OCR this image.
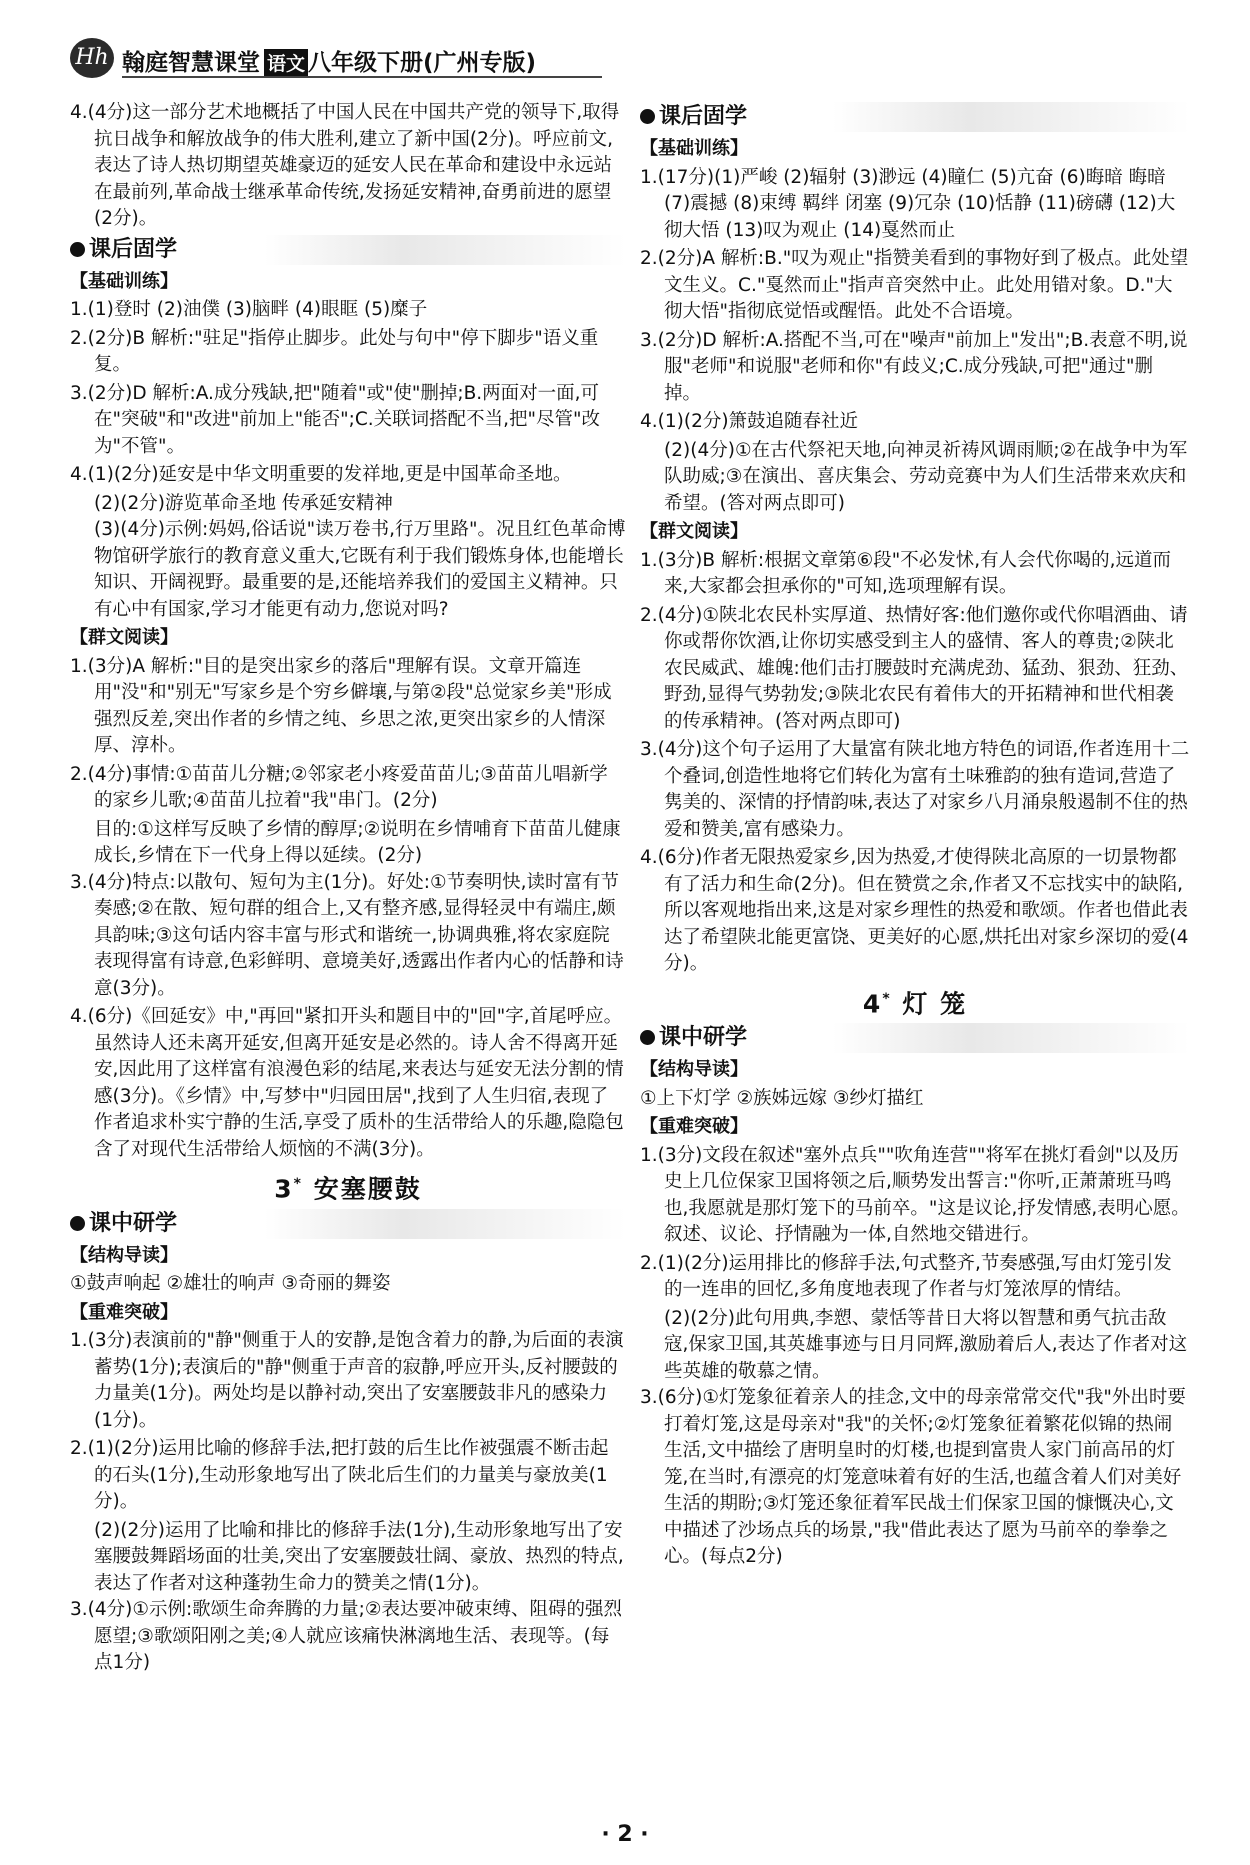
Hh 翰庭智慧课堂 语文 八年级下册(广州专版)
4.(4分)这一部分艺术地概括了中国人民在中国共产党的领导下,取得抗日战争和解放战争的伟大胜利,建立了新中国(2分)。呼应前文,表达了诗人热切期望英雄豪迈的延安人民在革命和建设中永远站在最前列,革命战士继承革命传统,发扬延安精神,奋勇前进的愿望(2分)。
课后固学
【基础训练】
1.(1)登时 (2)油僕 (3)脑畔 (4)眼眶 (5)糜子
2.(2分)B 解析:"驻足"指停止脚步。此处与句中"停下脚步"语义重复。
3.(2分)D 解析:A.成分残缺,把"随着"或"使"删掉;B.两面对一面,可在"突破"和"改进"前加上"能否";C.关联词搭配不当,把"尽管"改为"不管"。
4.(1)(2分)延安是中华文明重要的发祥地,更是中国革命圣地。
(2)(2分)游览革命圣地 传承延安精神
(3)(4分)示例:妈妈,俗话说"读万卷书,行万里路"。况且红色革命博物馆研学旅行的教育意义重大,它既有利于我们锻炼身体,也能增长知识、开阔视野。最重要的是,还能培养我们的爱国主义精神。只有心中有国家,学习才能更有动力,您说对吗?
【群文阅读】
1.(3分)A 解析:"目的是突出家乡的落后"理解有误。文章开篇连用"没"和"别无"写家乡是个穷乡僻壤,与第②段"总觉家乡美"形成强烈反差,突出作者的乡情之纯、乡思之浓,更突出家乡的人情深厚、淳朴。
2.(4分)事情:①苗苗儿分糖;②邻家老小疼爱苗苗儿;③苗苗儿唱新学的家乡儿歌;④苗苗儿拉着"我"串门。(2分)
目的:①这样写反映了乡情的醇厚;②说明在乡情哺育下苗苗儿健康成长,乡情在下一代身上得以延续。(2分)
3.(4分)特点:以散句、短句为主(1分)。好处:①节奏明快,读时富有节奏感;②在散、短句群的组合上,又有整齐感,显得轻灵中有端庄,颇具韵味;③这句话内容丰富与形式和谐统一,协调典雅,将农家庭院表现得富有诗意,色彩鲜明、意境美好,透露出作者内心的恬静和诗意(3分)。
4.(6分)《回延安》中,"再回"紧扣开头和题目中的"回"字,首尾呼应。虽然诗人还未离开延安,但离开延安是必然的。诗人舍不得离开延安,因此用了这样富有浪漫色彩的结尾,来表达与延安无法分割的情感(3分)。《乡情》中,写梦中"归园田居",找到了人生归宿,表现了作者追求朴实宁静的生活,享受了质朴的生活带给人的乐趣,隐隐包含了对现代生活带给人烦恼的不满(3分)。
3* 安塞腰鼓
课中研学
【结构导读】
①鼓声响起 ②雄壮的响声 ③奇丽的舞姿
【重难突破】
1.(3分)表演前的"静"侧重于人的安静,是饱含着力的静,为后面的表演蓄势(1分);表演后的"静"侧重于声音的寂静,呼应开头,反衬腰鼓的力量美(1分)。两处均是以静衬动,突出了安塞腰鼓非凡的感染力(1分)。
2.(1)(2分)运用比喻的修辞手法,把打鼓的后生比作被强震不断击起的石头(1分),生动形象地写出了陕北后生们的力量美与豪放美(1分)。
(2)(2分)运用了比喻和排比的修辞手法(1分),生动形象地写出了安塞腰鼓舞蹈场面的壮美,突出了安塞腰鼓壮阔、豪放、热烈的特点,表达了作者对这种蓬勃生命力的赞美之情(1分)。
3.(4分)①示例:歌颂生命奔腾的力量;②表达要冲破束缚、阻碍的强烈愿望;③歌颂阳刚之美;④人就应该痛快淋漓地生活、表现等。(每点1分)
课后固学
【基础训练】
1.(17分)(1)严峻 (2)辐射 (3)渺远 (4)瞳仁 (5)亢奋 (6)晦暗 晦暗 (7)震撼 (8)束缚 羁绊 闭塞 (9)冗杂 (10)恬静 (11)磅礴 (12)大彻大悟 (13)叹为观止 (14)戛然而止
2.(2分)A 解析:B."叹为观止"指赞美看到的事物好到了极点。此处望文生义。C."戛然而止"指声音突然中止。此处用错对象。D."大彻大悟"指彻底觉悟或醒悟。此处不合语境。
3.(2分)D 解析:A.搭配不当,可在"噪声"前加上"发出";B.表意不明,说服"老师"和说服"老师和你"有歧义;C.成分残缺,可把"通过"删掉。
4.(1)(2分)箫鼓追随春社近
(2)(4分)①在古代祭祀天地,向神灵祈祷风调雨顺;②在战争中为军队助威;③在演出、喜庆集会、劳动竞赛中为人们生活带来欢庆和希望。(答对两点即可)
【群文阅读】
1.(3分)B 解析:根据文章第⑥段"不必发怵,有人会代你喝的,远道而来,大家都会担承你的"可知,选项理解有误。
2.(4分)①陕北农民朴实厚道、热情好客:他们邀你或代你唱酒曲、请你或帮你饮酒,让你切实感受到主人的盛情、客人的尊贵;②陕北农民威武、雄魄:他们击打腰鼓时充满虎劲、猛劲、狠劲、狂劲、野劲,显得气势勃发;③陕北农民有着伟大的开拓精神和世代相袭的传承精神。(答对两点即可)
3.(4分)这个句子运用了大量富有陕北地方特色的词语,作者连用十二个叠词,创造性地将它们转化为富有土味雅韵的独有造词,营造了隽美的、深情的抒情韵味,表达了对家乡八月涌泉般遏制不住的热爱和赞美,富有感染力。
4.(6分)作者无限热爱家乡,因为热爱,才使得陕北高原的一切景物都有了活力和生命(2分)。但在赞赏之余,作者又不忘找实中的缺陷,所以客观地指出来,这是对家乡理性的热爱和歌颂。作者也借此表达了希望陕北能更富饶、更美好的心愿,烘托出对家乡深切的爱(4分)。
4* 灯 笼
课中研学
【结构导读】
①上下灯学 ②族姊远嫁 ③纱灯描红
【重难突破】
1.(3分)文段在叙述"塞外点兵""吹角连营""将军在挑灯看剑"以及历史上几位保家卫国将领之后,顺势发出誓言:"你听,正萧萧班马鸣也,我愿就是那灯笼下的马前卒。"这是议论,抒发情感,表明心愿。叙述、议论、抒情融为一体,自然地交错进行。
2.(1)(2分)运用排比的修辞手法,句式整齐,节奏感强,写由灯笼引发的一连串的回忆,多角度地表现了作者与灯笼浓厚的情结。
(2)(2分)此句用典,李愬、蒙恬等昔日大将以智慧和勇气抗击敌寇,保家卫国,其英雄事迹与日月同辉,激励着后人,表达了作者对这些英雄的敬慕之情。
3.(6分)①灯笼象征着亲人的挂念,文中的母亲常常交代"我"外出时要打着灯笼,这是母亲对"我"的关怀;②灯笼象征着繁花似锦的热闹生活,文中描绘了唐明皇时的灯楼,也提到富贵人家门前高吊的灯笼,在当时,有漂亮的灯笼意味着有好的生活,也蕴含着人们对美好生活的期盼;③灯笼还象征着军民战士们保家卫国的慷慨决心,文中描述了沙场点兵的场景,"我"借此表达了愿为马前卒的拳拳之心。(每点2分)
· 2 ·
